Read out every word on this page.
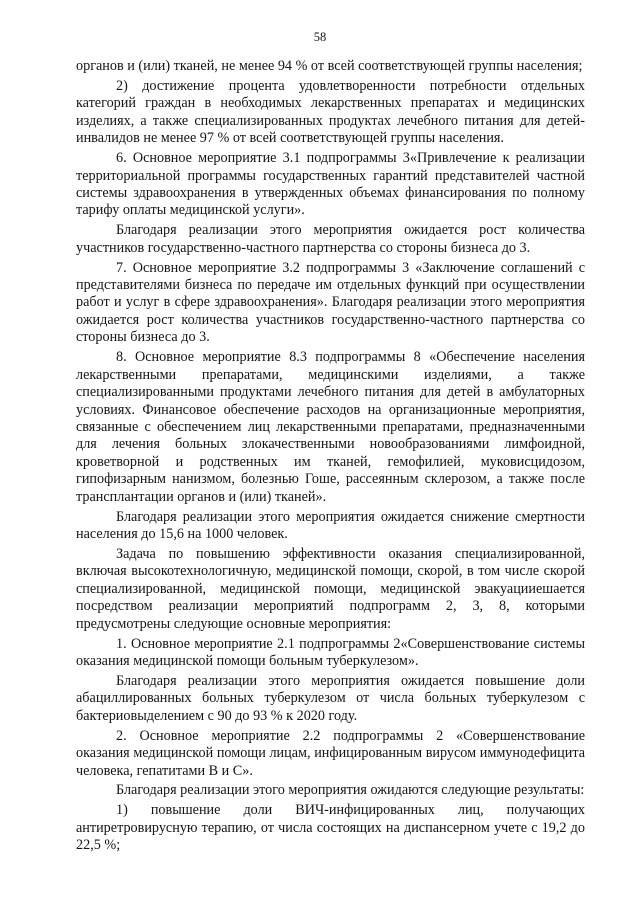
58

органов и (или) тканей, не менее 94 % от всей соответствующей группы населения;

2) достижение процента удовлетворенности потребности отдельных категорий граждан в необходимых лекарственных препаратах и медицинских изделиях, а также специализированных продуктах лечебного питания для детей-инвалидов не менее 97 % от всей соответствующей группы населения.

6. Основное мероприятие 3.1 подпрограммы 3«Привлечение к реализации территориальной программы государственных гарантий представителей частной системы здравоохранения в утвержденных объемах финансирования по полному тарифу оплаты медицинской услуги».

Благодаря реализации этого мероприятия ожидается рост количества участников государственно-частного партнерства со стороны бизнеса до 3.

7. Основное мероприятие 3.2 подпрограммы 3 «Заключение соглашений с представителями бизнеса по передаче им отдельных функций при осуществлении работ и услуг в сфере здравоохранения». Благодаря реализации этого мероприятия ожидается рост количества участников государственно-частного партнерства со стороны бизнеса до 3.

8. Основное мероприятие 8.3 подпрограммы 8 «Обеспечение населения лекарственными препаратами, медицинскими изделиями, а также специализированными продуктами лечебного питания для детей в амбулаторных условиях. Финансовое обеспечение расходов на организационные мероприятия, связанные с обеспечением лиц лекарственными препаратами, предназначенными для лечения больных злокачественными новообразованиями лимфоидной, кроветворной и родственных им тканей, гемофилией, муковисцидозом, гипофизарным нанизмом, болезнью Гоше, рассеянным склерозом, а также после трансплантации органов и (или) тканей».

Благодаря реализации этого мероприятия ожидается снижение смертности населения до 15,6 на 1000 человек.

Задача по повышению эффективности оказания специализированной, включая высокотехнологичную, медицинской помощи, скорой, в том числе скорой специализированной, медицинской помощи, медицинской эвакуацииешается посредством реализации мероприятий подпрограмм 2, 3, 8, которыми предусмотрены следующие основные мероприятия:

1. Основное мероприятие 2.1 подпрограммы 2«Совершенствование системы оказания медицинской помощи больным туберкулезом».

Благодаря реализации этого мероприятия ожидается повышение доли абациллированных больных туберкулезом от числа больных туберкулезом с бактериовыделением с 90 до 93 % к 2020 году.

2. Основное мероприятие 2.2 подпрограммы 2 «Совершенствование оказания медицинской помощи лицам, инфицированным вирусом иммунодефицита человека, гепатитами В и С».

Благодаря реализации этого мероприятия ожидаются следующие результаты:

1) повышение доли ВИЧ-инфицированных лиц, получающих антиретровирусную терапию, от числа состоящих на диспансерном учете с 19,2 до 22,5 %;
